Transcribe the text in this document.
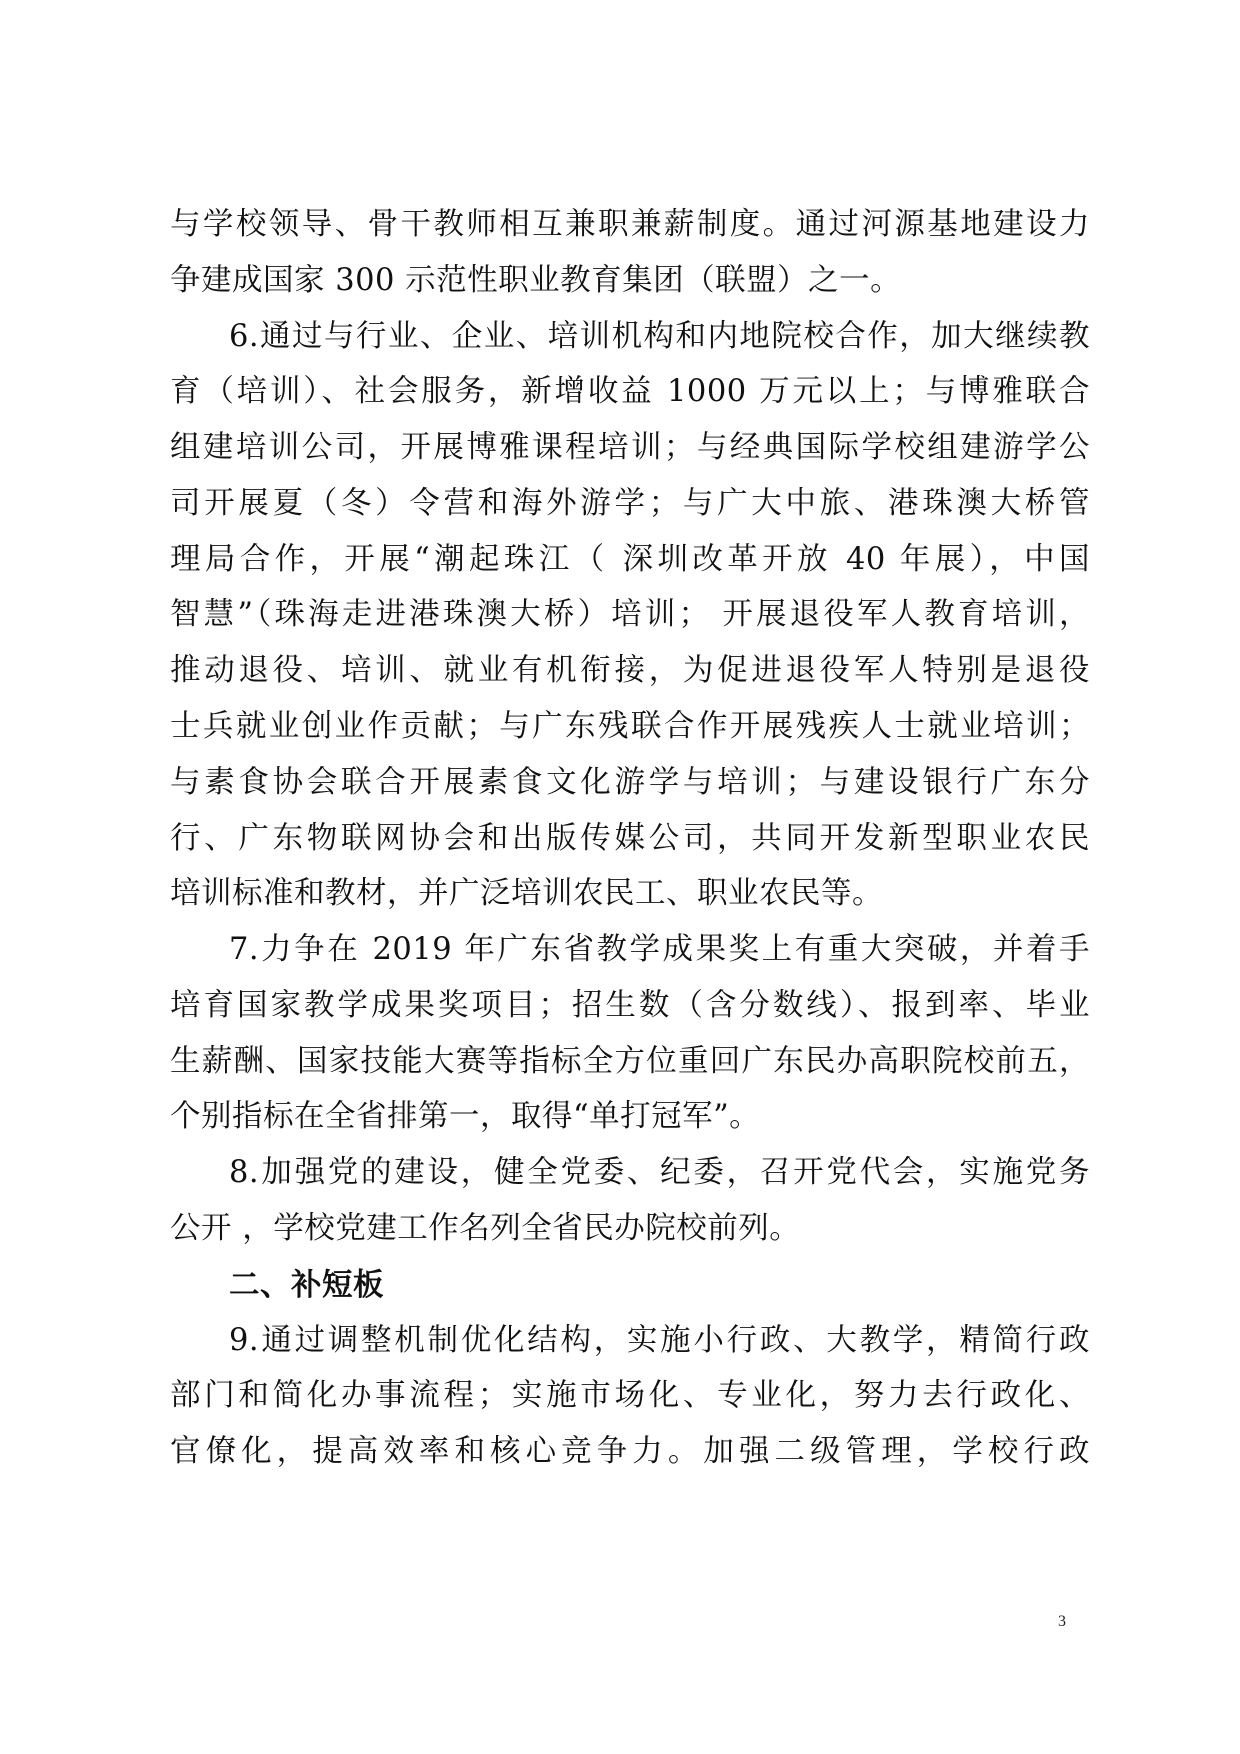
与学校领导、骨干教师相互兼职兼薪制度。通过河源基地建设力
争建成国家 300 示范性职业教育集团（联盟）之一。
6.通过与行业、企业、培训机构和内地院校合作，加大继续教
育（培训）、社会服务，新增收益 1000 万元以上；与博雅联合
组建培训公司，开展博雅课程培训；与经典国际学校组建游学公
司开展夏（冬）令营和海外游学；与广大中旅、港珠澳大桥管
理局合作，开展“潮起珠江（ 深圳改革开放 40 年展），中国
智慧”（珠海走进港珠澳大桥）培训； 开展退役军人教育培训，
推动退役、培训、就业有机衔接，为促进退役军人特别是退役
士兵就业创业作贡献；与广东残联合作开展残疾人士就业培训；
与素食协会联合开展素食文化游学与培训；与建设银行广东分
行、广东物联网协会和出版传媒公司，共同开发新型职业农民
培训标准和教材，并广泛培训农民工、职业农民等。
7.力争在 2019 年广东省教学成果奖上有重大突破，并着手
培育国家教学成果奖项目；招生数（含分数线）、报到率、毕业
生薪酬、国家技能大赛等指标全方位重回广东民办高职院校前五，
个别指标在全省排第一，取得“单打冠军”。
8.加强党的建设，健全党委、纪委，召开党代会，实施党务
公开 ，学校党建工作名列全省民办院校前列。
二、补短板
9.通过调整机制优化结构，实施小行政、大教学，精简行政
部门和简化办事流程；实施市场化、专业化，努力去行政化、
官僚化，提高效率和核心竞争力。加强二级管理，学校行政
3
